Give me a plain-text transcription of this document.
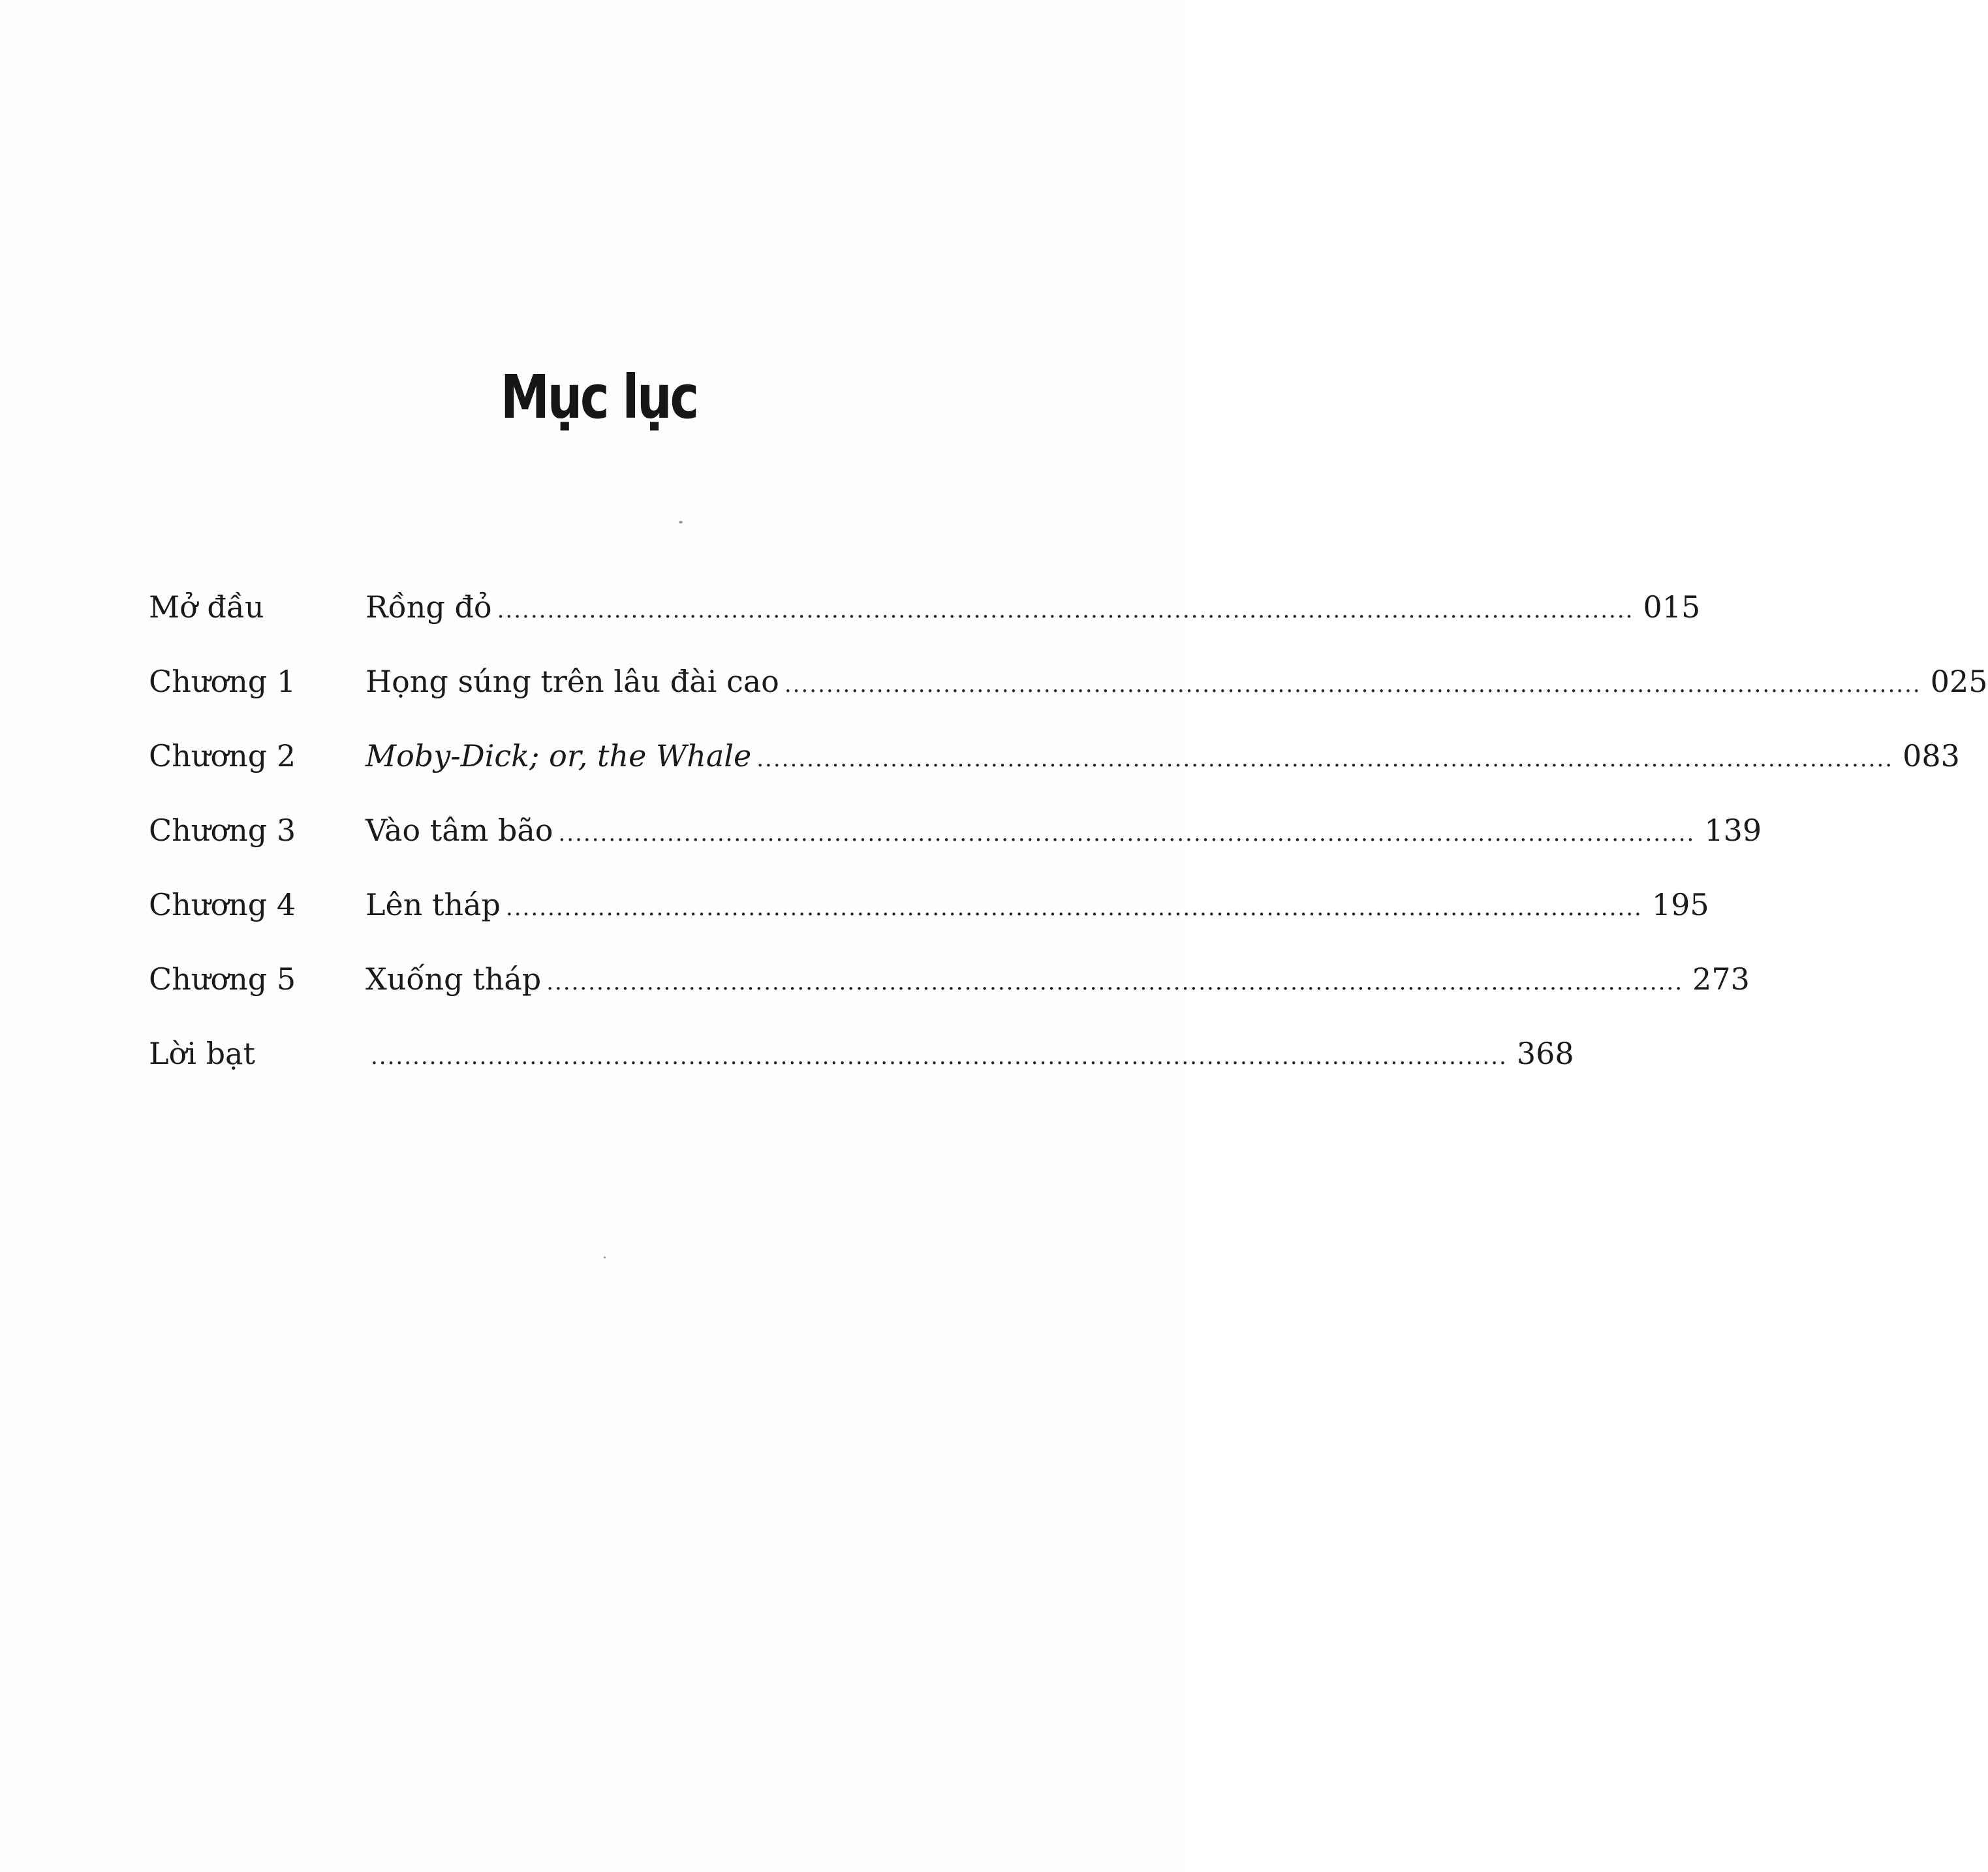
Mục lục
Mở đầu	Rồng đỏ ........................................................................................................................................ 015
Chương 1 Họng súng trên lâu đài cao ........................................................................................................................................ 025
Chương 2 Moby-Dick; or, the Whale ........................................................................................................................................ 083
Chương 3 Vào tâm bão ........................................................................................................................................ 139
Chương 4 Lên tháp ........................................................................................................................................ 195
Chương 5 Xuống tháp ........................................................................................................................................ 273
Lời bạt	........................................................................................................................................ 368
